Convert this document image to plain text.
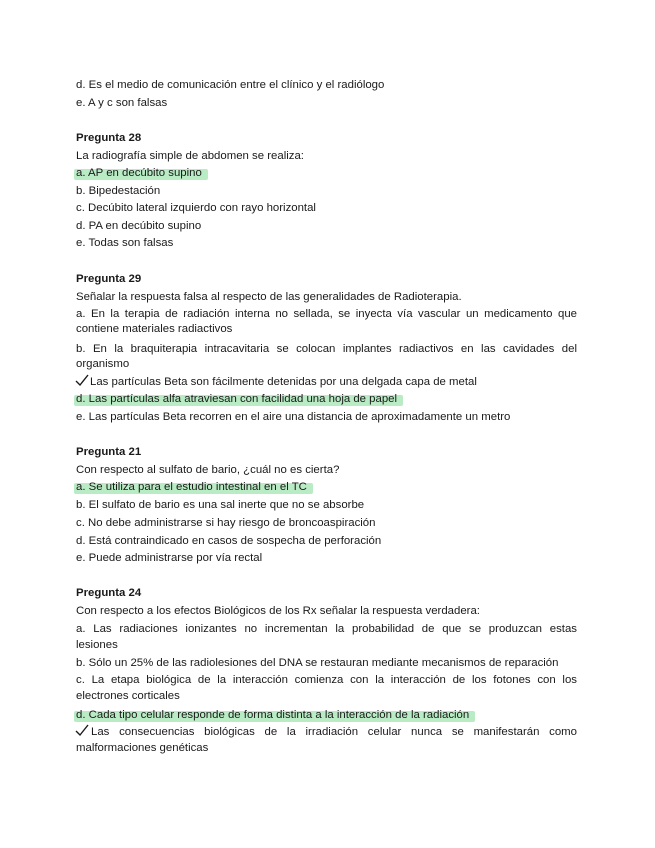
d. Es el medio de comunicación entre el clínico y el radiólogo
e. A y c son falsas
Pregunta 28
La radiografía simple de abdomen se realiza:
a. AP en decúbito supino
b. Bipedestación
c. Decúbito lateral izquierdo con rayo horizontal
d. PA en decúbito supino
e. Todas son falsas
Pregunta 29
Señalar la respuesta falsa al respecto de las generalidades de Radioterapia.
a. En la terapia de radiación interna no sellada, se inyecta vía vascular un medicamento que
contiene materiales radiactivos
b. En la braquiterapia intracavitaria se colocan implantes radiactivos en las cavidades del
organismo
Las partículas Beta son fácilmente detenidas por una delgada capa de metal
d. Las partículas alfa atraviesan con facilidad una hoja de papel
e. Las partículas Beta recorren en el aire una distancia de aproximadamente un metro
Pregunta 21
Con respecto al sulfato de bario, ¿cuál no es cierta?
a. Se utiliza para el estudio intestinal en el TC
b. El sulfato de bario es una sal inerte que no se absorbe
c. No debe administrarse si hay riesgo de broncoaspiración
d. Está contraindicado en casos de sospecha de perforación
e. Puede administrarse por vía rectal
Pregunta 24
Con respecto a los efectos Biológicos de los Rx señalar la respuesta verdadera:
a. Las radiaciones ionizantes no incrementan la probabilidad de que se produzcan estas
lesiones
b. Sólo un 25% de las radiolesiones del DNA se restauran mediante mecanismos de reparación
c. La etapa biológica de la interacción comienza con la interacción de los fotones con los
electrones corticales
d. Cada tipo celular responde de forma distinta a la interacción de la radiación
Las consecuencias biológicas de la irradiación celular nunca se manifestarán como
malformaciones genéticas
